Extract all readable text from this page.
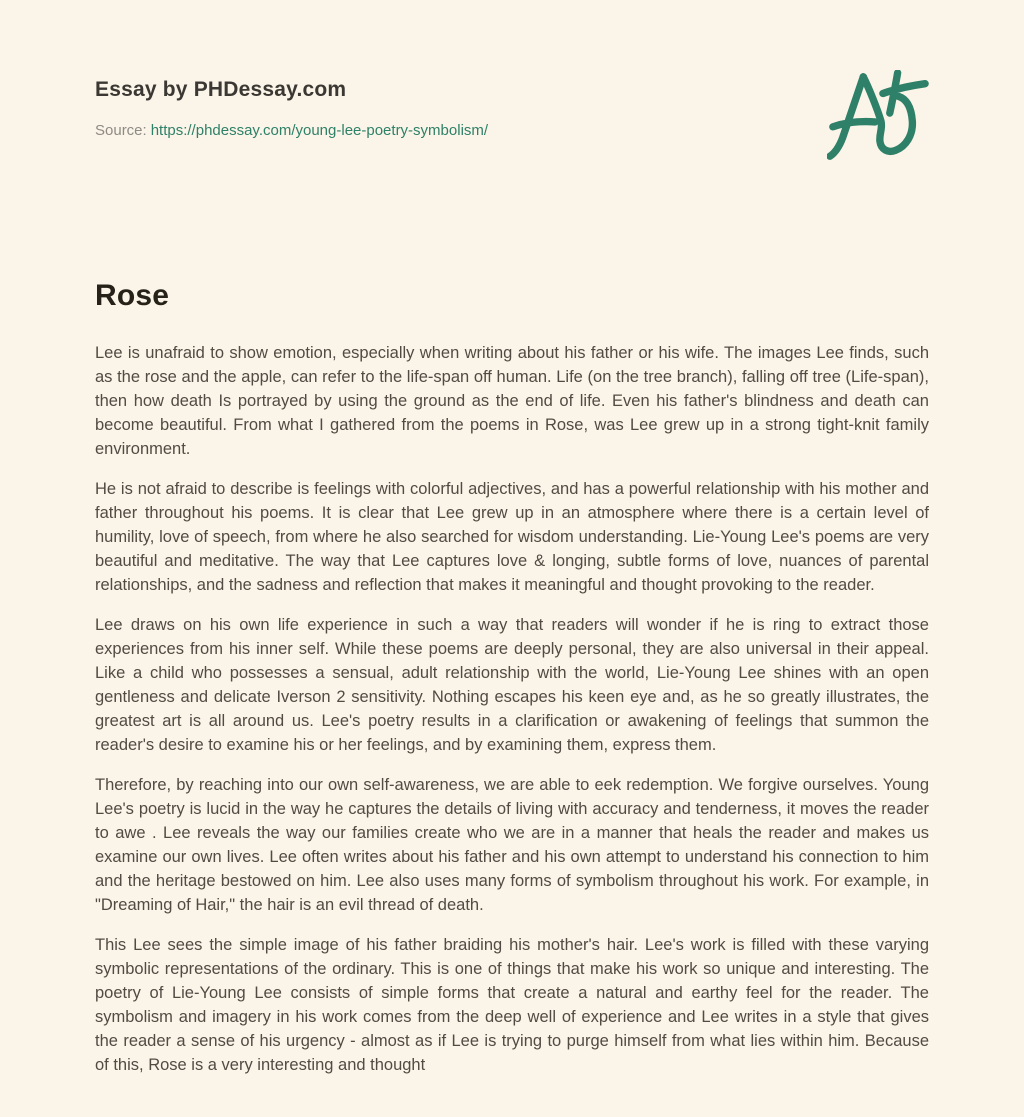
Essay by PHDessay.com

Source: https://phdessay.com/young-lee-poetry-symbolism/
Rose

Lee is unafraid to show emotion, especially when writing about his father or his wife. The images Lee finds, such as the rose and the apple, can refer to the life-span off human. Life (on the tree branch), falling off tree (Life-span), then how death Is portrayed by using the ground as the end of life. Even his father's blindness and death can become beautiful. From what I gathered from the poems in Rose, was Lee grew up in a strong tight-knit family environment.

He is not afraid to describe is feelings with colorful adjectives, and has a powerful relationship with his mother and father throughout his poems. It is clear that Lee grew up in an atmosphere where there is a certain level of humility, love of speech, from where he also searched for wisdom understanding. Lie-Young Lee's poems are very beautiful and meditative. The way that Lee captures love & longing, subtle forms of love, nuances of parental relationships, and the sadness and reflection that makes it meaningful and thought provoking to the reader.

Lee draws on his own life experience in such a way that readers will wonder if he is ring to extract those experiences from his inner self. While these poems are deeply personal, they are also universal in their appeal. Like a child who possesses a sensual, adult relationship with the world, Lie-Young Lee shines with an open gentleness and delicate Iverson 2 sensitivity. Nothing escapes his keen eye and, as he so greatly illustrates, the greatest art is all around us. Lee's poetry results in a clarification or awakening of feelings that summon the reader's desire to examine his or her feelings, and by examining them, express them.

Therefore, by reaching into our own self-awareness, we are able to eek redemption. We forgive ourselves. Young Lee's poetry is lucid in the way he captures the details of living with accuracy and tenderness, it moves the reader to awe . Lee reveals the way our families create who we are in a manner that heals the reader and makes us examine our own lives. Lee often writes about his father and his own attempt to understand his connection to him and the heritage bestowed on him. Lee also uses many forms of symbolism throughout his work. For example, in "Dreaming of Hair," the hair is an evil thread of death.

This Lee sees the simple image of his father braiding his mother's hair. Lee's work is filled with these varying symbolic representations of the ordinary. This is one of things that make his work so unique and interesting. The poetry of Lie-Young Lee consists of simple forms that create a natural and earthy feel for the reader. The symbolism and imagery in his work comes from the deep well of experience and Lee writes in a style that gives the reader a sense of his urgency - almost as if Lee is trying to purge himself from what lies within him. Because of this, Rose is a very interesting and thought
